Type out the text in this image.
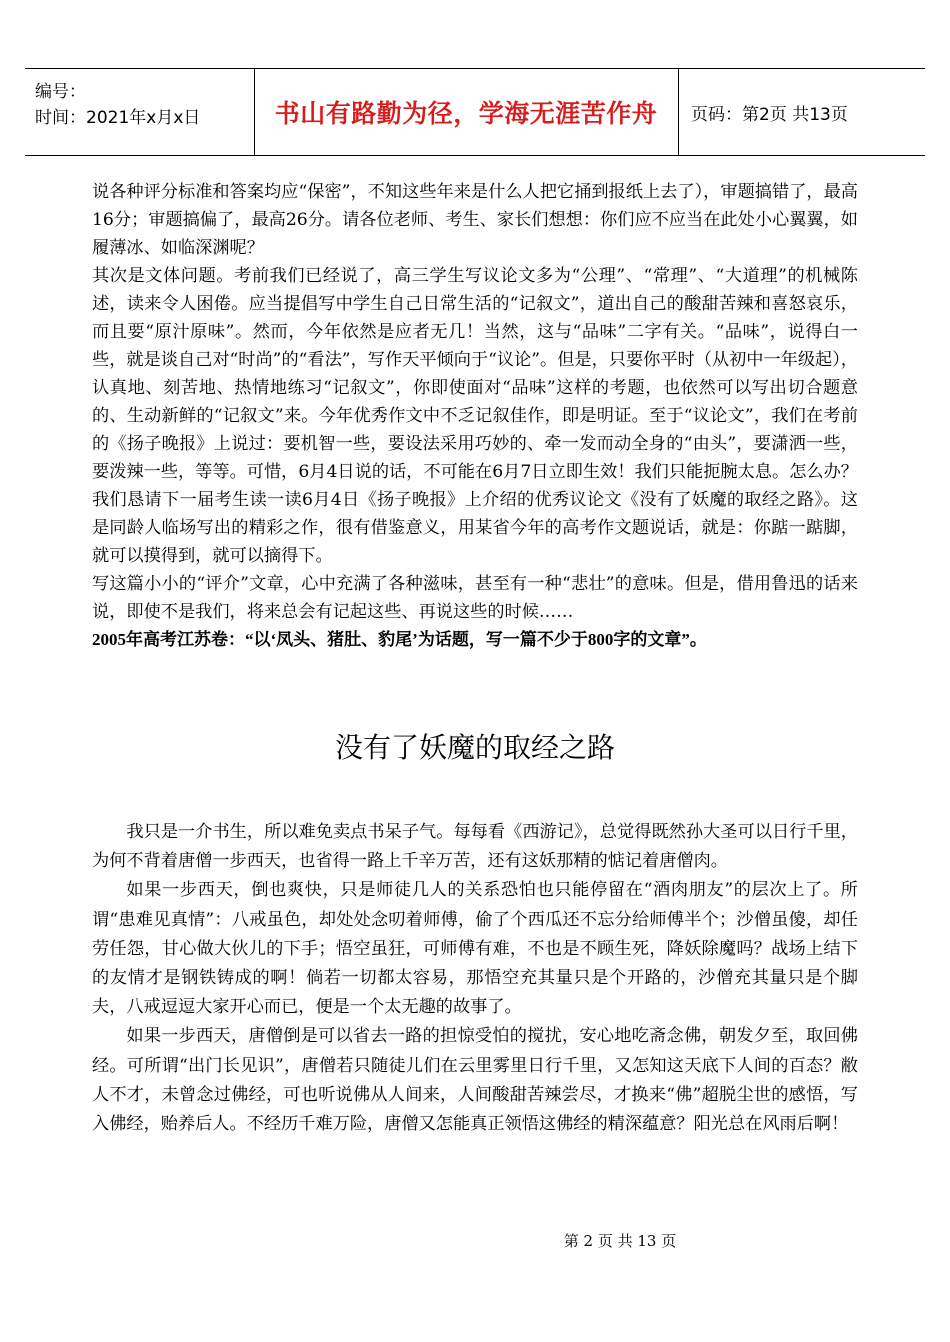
编号：
时间：2021年x月x日	书山有路勤为径，学海无涯苦作舟	页码：第2页 共13页

说各种评分标准和答案均应“保密”，不知这些年来是什么人把它捅到报纸上去了），审题搞错了，最高16分；审题搞偏了，最高26分。请各位老师、考生、家长们想想：你们应不应当在此处小心翼翼，如履薄冰、如临深渊呢？

其次是文体问题。考前我们已经说了，高三学生写议论文多为“公理”、“常理”、“大道理”的机械陈述，读来令人困倦。应当提倡写中学生自己日常生活的“记叙文”，道出自己的酸甜苦辣和喜怒哀乐，而且要“原汁原味”。然而，今年依然是应者无几！当然，这与“品味”二字有关。“品味”，说得白一些，就是谈自己对“时尚”的“看法”，写作天平倾向于“议论”。但是，只要你平时（从初中一年级起），认真地、刻苦地、热情地练习“记叙文”，你即使面对“品味”这样的考题，也依然可以写出切合题意的、生动新鲜的“记叙文”来。今年优秀作文中不乏记叙佳作，即是明证。至于“议论文”，我们在考前的《扬子晚报》上说过：要机智一些，要设法采用巧妙的、牵一发而动全身的“由头”，要潇洒一些，要泼辣一些，等等。可惜，6月4日说的话，不可能在6月7日立即生效！我们只能扼腕太息。怎么办？我们恳请下一届考生读一读6月4日《扬子晚报》上介绍的优秀议论文《没有了妖魔的取经之路》。这是同龄人临场写出的精彩之作，很有借鉴意义，用某省今年的高考作文题说话，就是：你踮一踮脚，就可以摸得到，就可以摘得下。

写这篇小小的“评介”文章，心中充满了各种滋味，甚至有一种“悲壮”的意味。但是，借用鲁迅的话来说，即使不是我们，将来总会有记起这些、再说这些的时候……

2005年高考江苏卷：“以‘凤头、猪肚、豹尾’为话题，写一篇不少于800字的文章”。

没有了妖魔的取经之路

我只是一介书生，所以难免卖点书呆子气。每每看《西游记》，总觉得既然孙大圣可以日行千里，为何不背着唐僧一步西天，也省得一路上千辛万苦，还有这妖那精的惦记着唐僧肉。

如果一步西天，倒也爽快，只是师徒几人的关系恐怕也只能停留在“酒肉朋友”的层次上了。所谓“患难见真情”：八戒虽色，却处处念叨着师傅，偷了个西瓜还不忘分给师傅半个；沙僧虽傻，却任劳任怨，甘心做大伙儿的下手；悟空虽狂，可师傅有难，不也是不顾生死，降妖除魔吗？战场上结下的友情才是钢铁铸成的啊！倘若一切都太容易，那悟空充其量只是个开路的，沙僧充其量只是个脚夫，八戒逗逗大家开心而已，便是一个太无趣的故事了。

如果一步西天，唐僧倒是可以省去一路的担惊受怕的搅扰，安心地吃斋念佛，朝发夕至，取回佛经。可所谓“出门长见识”，唐僧若只随徒儿们在云里雾里日行千里，又怎知这天底下人间的百态？敝人不才，未曾念过佛经，可也听说佛从人间来，人间酸甜苦辣尝尽，才换来“佛”超脱尘世的感悟，写入佛经，贻养后人。不经历千难万险，唐僧又怎能真正领悟这佛经的精深蕴意？阳光总在风雨后啊！

第 2 页 共 13 页
